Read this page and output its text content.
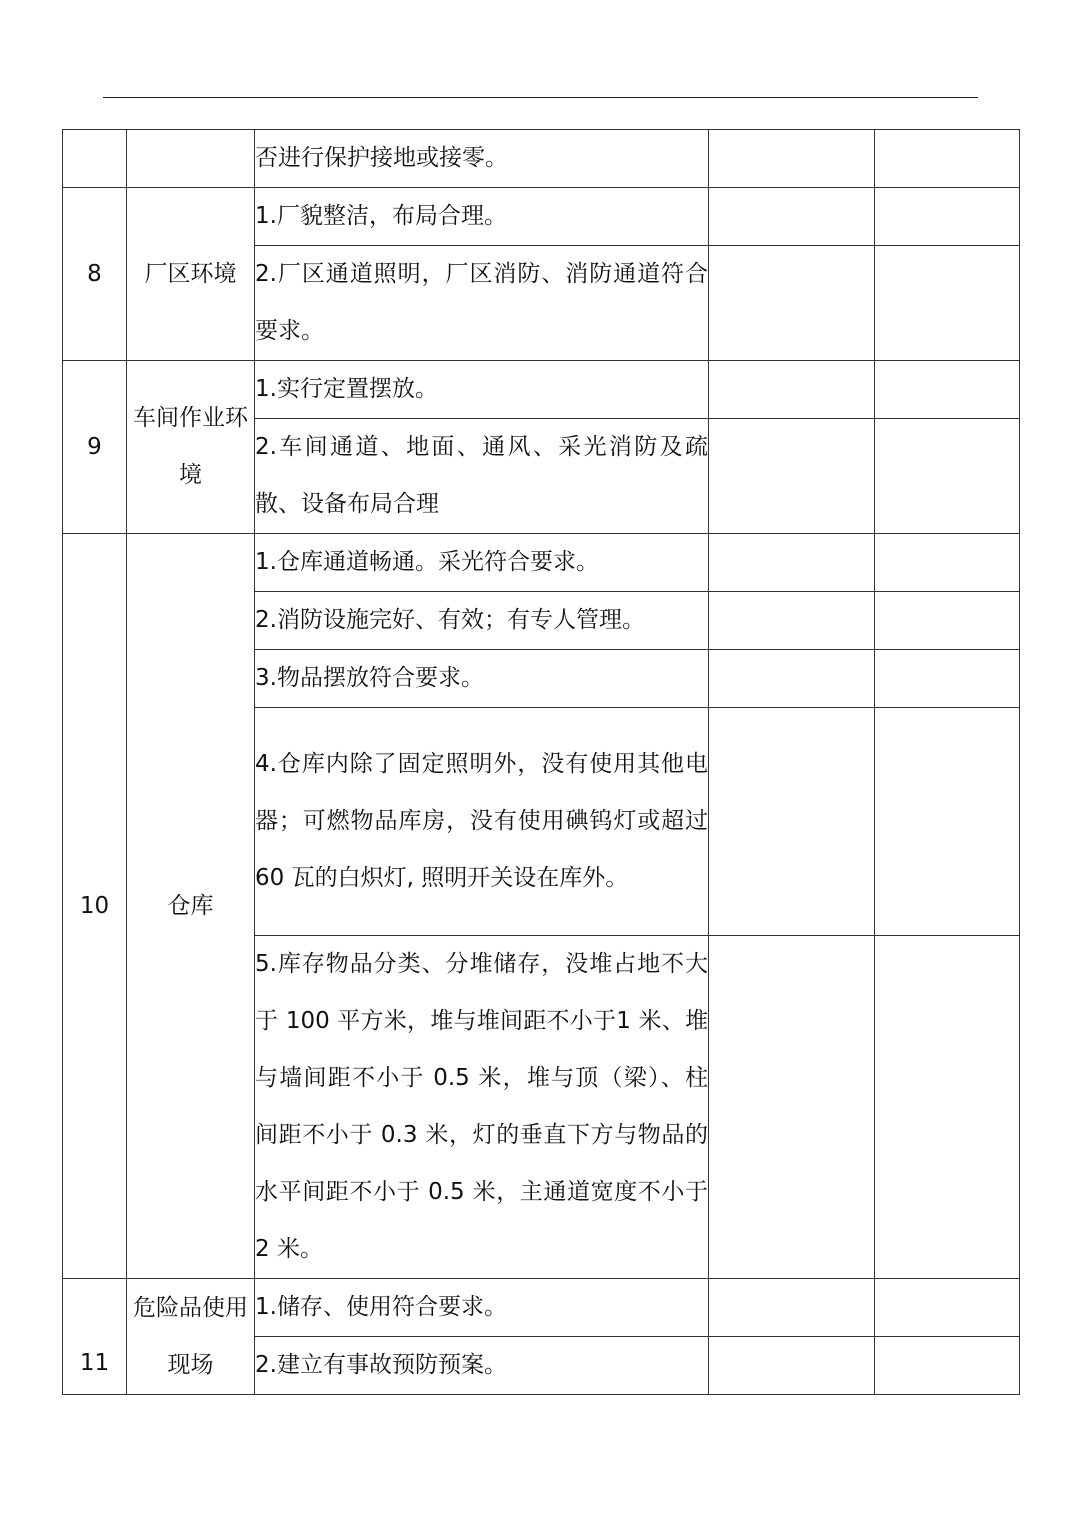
		否进行保护接地或接零。		
8	厂区环境	1.厂貌整洁，布局合理。		
		2.厂区通道照明，厂区消防、消防通道符合要求。		
9	车间作业环境	1.实行定置摆放。		
		2.车间通道、地面、通风、采光消防及疏散、设备布局合理		
10	仓库	1.仓库通道畅通。采光符合要求。		
		2.消防设施完好、有效；有专人管理。		
		3.物品摆放符合要求。		
		4.仓库内除了固定照明外，没有使用其他电器；可燃物品库房，没有使用碘钨灯或超过 60 瓦的白炽灯, 照明开关设在库外。		
		5.库存物品分类、分堆储存，没堆占地不大于 100 平方米，堆与堆间距不小于1 米、堆与墙间距不小于 0.5 米，堆与顶（梁）、柱间距不小于 0.3 米，灯的垂直下方与物品的水平间距不小于 0.5 米，主通道宽度不小于 2 米。		
11	危险品使用现场	1.储存、使用符合要求。		
		2.建立有事故预防预案。		
